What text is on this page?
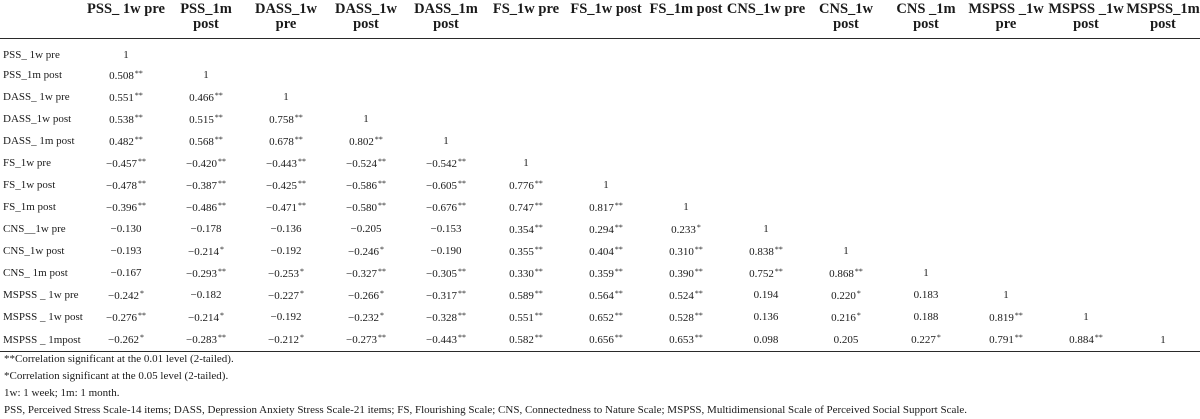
	PSS_ 1w pre	PSS_1m post	DASS_1w pre	DASS_1w post	DASS_1m post	FS_1w pre	FS_1w post	FS_1m post	CNS_1w pre	CNS_1w post	CNS _1m post	MSPSS _1w pre	MSPSS _1w post	MSPSS_1m post
PSS_ 1w pre	1													
PSS_1m post	0.508**	1												
DASS_ 1w pre	0.551**	0.466**	1											
DASS_1w post	0.538**	0.515**	0.758**	1										
DASS_ 1m post	0.482**	0.568**	0.678**	0.802**	1									
FS_1w pre	−0.457**	−0.420**	−0.443**	−0.524**	−0.542**	1								
FS_1w post	−0.478**	−0.387**	−0.425**	−0.586**	−0.605**	0.776**	1							
FS_1m post	−0.396**	−0.486**	−0.471**	−0.580**	−0.676**	0.747**	0.817**	1						
CNS__1w pre	−0.130	−0.178	−0.136	−0.205	−0.153	0.354**	0.294**	0.233*	1					
CNS_1w post	−0.193	−0.214*	−0.192	−0.246*	−0.190	0.355**	0.404**	0.310**	0.838**	1				
CNS_ 1m post	−0.167	−0.293**	−0.253*	−0.327**	−0.305**	0.330**	0.359**	0.390**	0.752**	0.868**	1			
MSPSS _ 1w pre	−0.242*	−0.182	−0.227*	−0.266*	−0.317**	0.589**	0.564**	0.524**	0.194	0.220*	0.183	1		
MSPSS _ 1w post	−0.276**	−0.214*	−0.192	−0.232*	−0.328**	0.551**	0.652**	0.528**	0.136	0.216*	0.188	0.819**	1	
MSPSS _ 1mpost	−0.262*	−0.283**	−0.212*	−0.273**	−0.443**	0.582**	0.656**	0.653**	0.098	0.205	0.227*	0.791**	0.884**	1
**Correlation significant at the 0.01 level (2-tailed).
*Correlation significant at the 0.05 level (2-tailed).
1w: 1 week; 1m: 1 month.
PSS, Perceived Stress Scale-14 items; DASS, Depression Anxiety Stress Scale-21 items; FS, Flourishing Scale; CNS, Connectedness to Nature Scale; MSPSS, Multidimensional Scale of Perceived Social Support Scale.
